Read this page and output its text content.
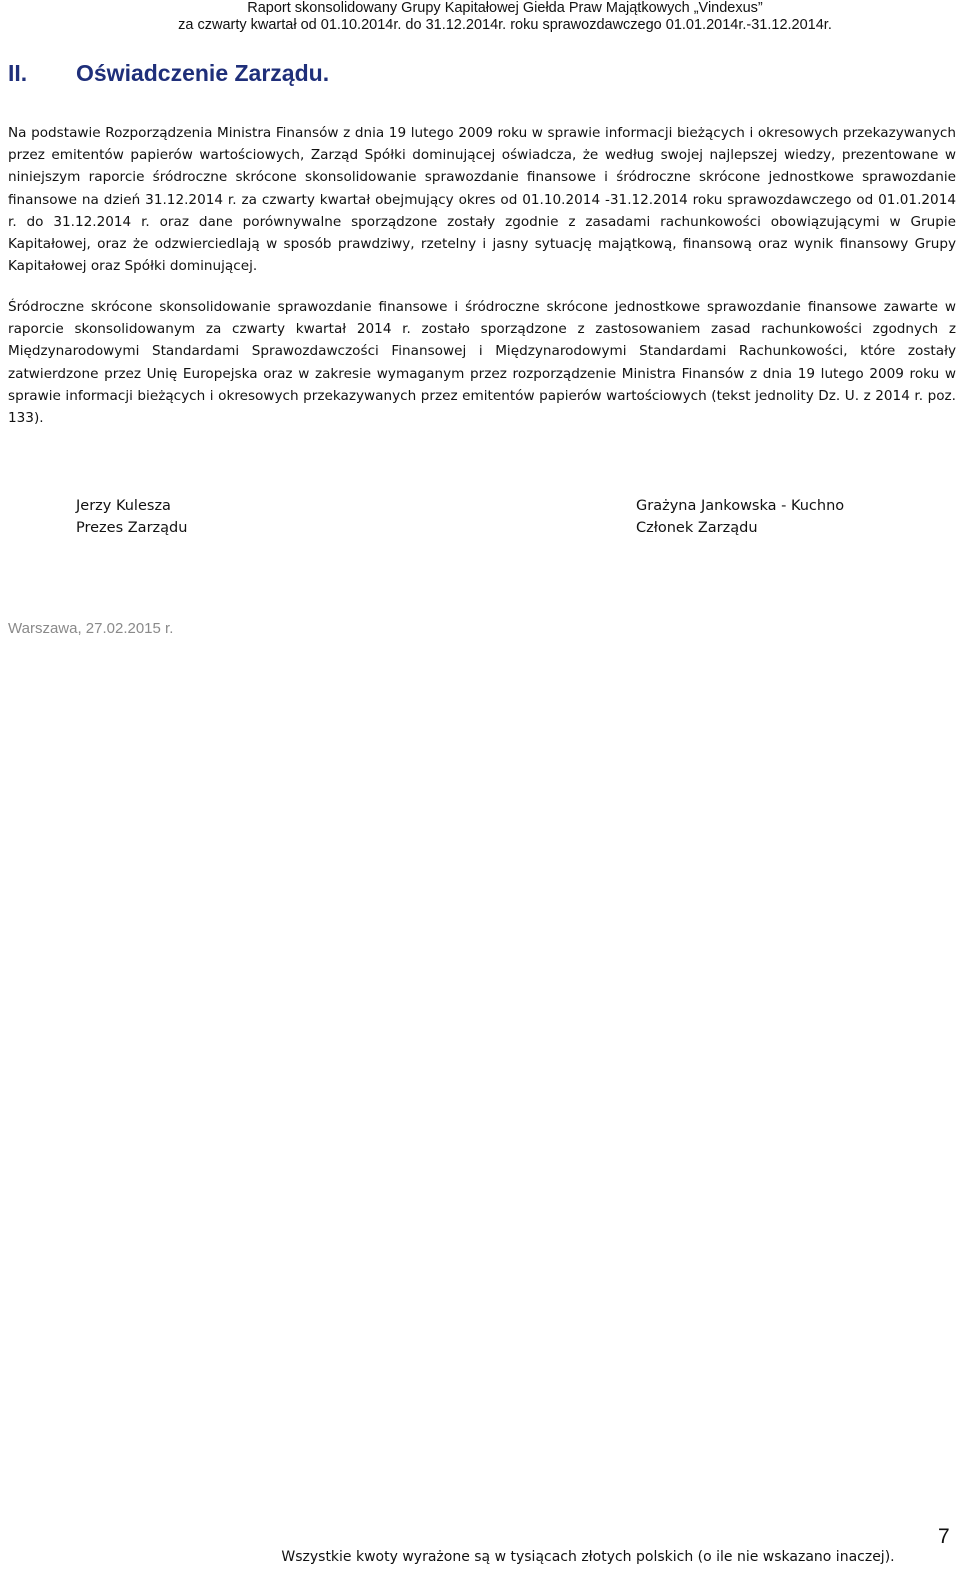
Raport skonsolidowany Grupy Kapitałowej Giełda Praw Majątkowych „Vindexus”
za czwarty kwartał od 01.10.2014r. do 31.12.2014r. roku sprawozdawczego 01.01.2014r.-31.12.2014r.
II. Oświadczenie Zarządu.
Na podstawie Rozporządzenia Ministra Finansów z dnia 19 lutego 2009 roku w sprawie informacji bieżących i okresowych przekazywanych przez emitentów papierów wartościowych, Zarząd Spółki dominującej oświadcza, że według swojej najlepszej wiedzy, prezentowane w niniejszym raporcie śródroczne skrócone skonsolidowanie sprawozdanie finansowe i śródroczne skrócone jednostkowe sprawozdanie finansowe na dzień 31.12.2014 r. za czwarty kwartał obejmujący okres od 01.10.2014 -31.12.2014 roku sprawozdawczego od 01.01.2014 r. do 31.12.2014 r. oraz dane porównywalne sporządzone zostały zgodnie z zasadami rachunkowości obowiązującymi w Grupie Kapitałowej, oraz że odzwierciedlają w sposób prawdziwy, rzetelny i jasny sytuację majątkową, finansową oraz wynik finansowy Grupy Kapitałowej oraz Spółki dominującej.
Śródroczne skrócone skonsolidowanie sprawozdanie finansowe i śródroczne skrócone jednostkowe sprawozdanie finansowe zawarte w raporcie skonsolidowanym za czwarty kwartał 2014 r. zostało sporządzone z zastosowaniem zasad rachunkowości zgodnych z Międzynarodowymi Standardami Sprawozdawczości Finansowej i Międzynarodowymi Standardami Rachunkowości, które zostały zatwierdzone przez Unię Europejska oraz w zakresie wymaganym przez rozporządzenie Ministra Finansów z dnia 19 lutego 2009 roku w sprawie informacji bieżących i okresowych przekazywanych przez emitentów papierów wartościowych (tekst jednolity Dz. U. z 2014 r. poz. 133).
Jerzy Kulesza
Prezes Zarządu
Grażyna Jankowska - Kuchno
Członek Zarządu
Warszawa, 27.02.2015 r.
7
Wszystkie kwoty wyrażone są w tysiącach złotych polskich (o ile nie wskazano inaczej).
